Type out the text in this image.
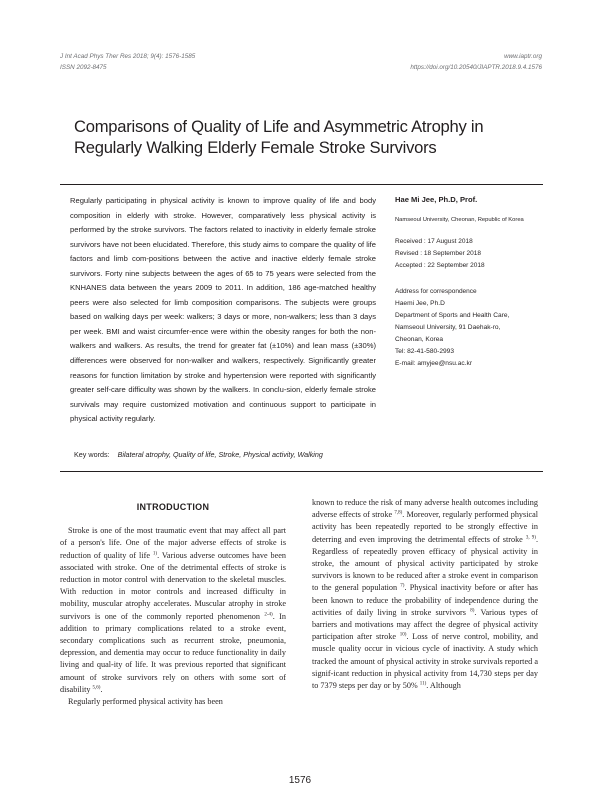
J Int Acad Phys Ther Res 2018; 9(4): 1576-1585
ISSN 2092-8475
www.iaptr.org
https://doi.org/10.20540/JIAPTR.2018.9.4.1576
Comparisons of Quality of Life and Asymmetric Atrophy in Regularly Walking Elderly Female Stroke Survivors
Regularly participating in physical activity is known to improve quality of life and body composition in elderly with stroke. However, comparatively less physical activity is performed by the stroke survivors. The factors related to inactivity in elderly female stroke survivors have not been elucidated. Therefore, this study aims to compare the quality of life factors and limb com-positions between the active and inactive elderly female stroke survivors. Forty nine subjects between the ages of 65 to 75 years were selected from the KNHANES data between the years 2009 to 2011. In addition, 186 age-matched healthy peers were also selected for limb composition comparisons. The subjects were groups based on walking days per week: walkers; 3 days or more, non-walkers; less than 3 days per week. BMI and waist circumfer-ence were within the obesity ranges for both the non-walkers and walkers. As results, the trend for greater fat (±10%) and lean mass (±30%) differences were observed for non-walker and walkers, respectively. Significantly greater reasons for function limitation by stroke and hypertension were reported with significantly greater self-care difficulty was shown by the walkers. In conclu-sion, elderly female stroke survivals may require customized motivation and continuous support to participate in physical activity regularly.
Hae Mi Jee, Ph.D, Prof.
Namseoul University, Cheonan, Republic of Korea
Received : 17 August 2018
Revised : 18 September 2018
Accepted : 22 September 2018
Address for correspondence
Haemi Jee, Ph.D
Department of Sports and Health Care,
Namseoul University, 91 Daehak-ro,
Cheonan, Korea
Tel: 82-41-580-2993
E-mail: amyjee@nsu.ac.kr
Key words: Bilateral atrophy, Quality of life, Stroke, Physical activity, Walking
INTRODUCTION

Stroke is one of the most traumatic event that may affect all part of a person's life. One of the major adverse effects of stroke is reduction of quality of life $^{1)}$. Various adverse outcomes have been associated with stroke. One of the detrimental effects of stroke is reduction in motor control with denervation to the skeletal muscles. With reduction in motor controls and increased difficulty in mobility, muscular atrophy accelerates. Muscular atrophy in stroke survivors is one of the commonly reported phenomenon $^{2-4)}$. In addition to primary complications related to a stroke event, secondary complications such as recurrent stroke, pneumonia, depression, and dementia may occur to reduce functionality in daily living and qual-ity of life. It was previous reported that significant amount of stroke survivors rely on others with some sort of disability $^{5,6)}$.

Regularly performed physical activity has been

known to reduce the risk of many adverse health outcomes including adverse effects of stroke $^{7,8)}$. Moreover, regularly performed physical activity has been repeatedly reported to be strongly effective in deterring and even improving the detrimental effects of stroke $^{3, 9)}$. Regardless of repeatedly proven efficacy of physical activity in stroke, the amount of physical activity participated by stroke survivors is known to be reduced after a stroke event in comparison to the general population $^{7)}$. Physical inactivity before or after has been known to reduce the probability of independence during the activities of daily living in stroke survivors $^{8)}$. Various types of barriers and motivations may affect the degree of physical activity participation after stroke $^{10)}$. Loss of nerve control, mobility, and muscle quality occur in vicious cycle of inactivity. A study which tracked the amount of physical activity in stroke survivals reported a signif-icant reduction in physical activity from 14,730 steps per day to 7379 steps per day or by 50% $^{11)}$. Although

1576
